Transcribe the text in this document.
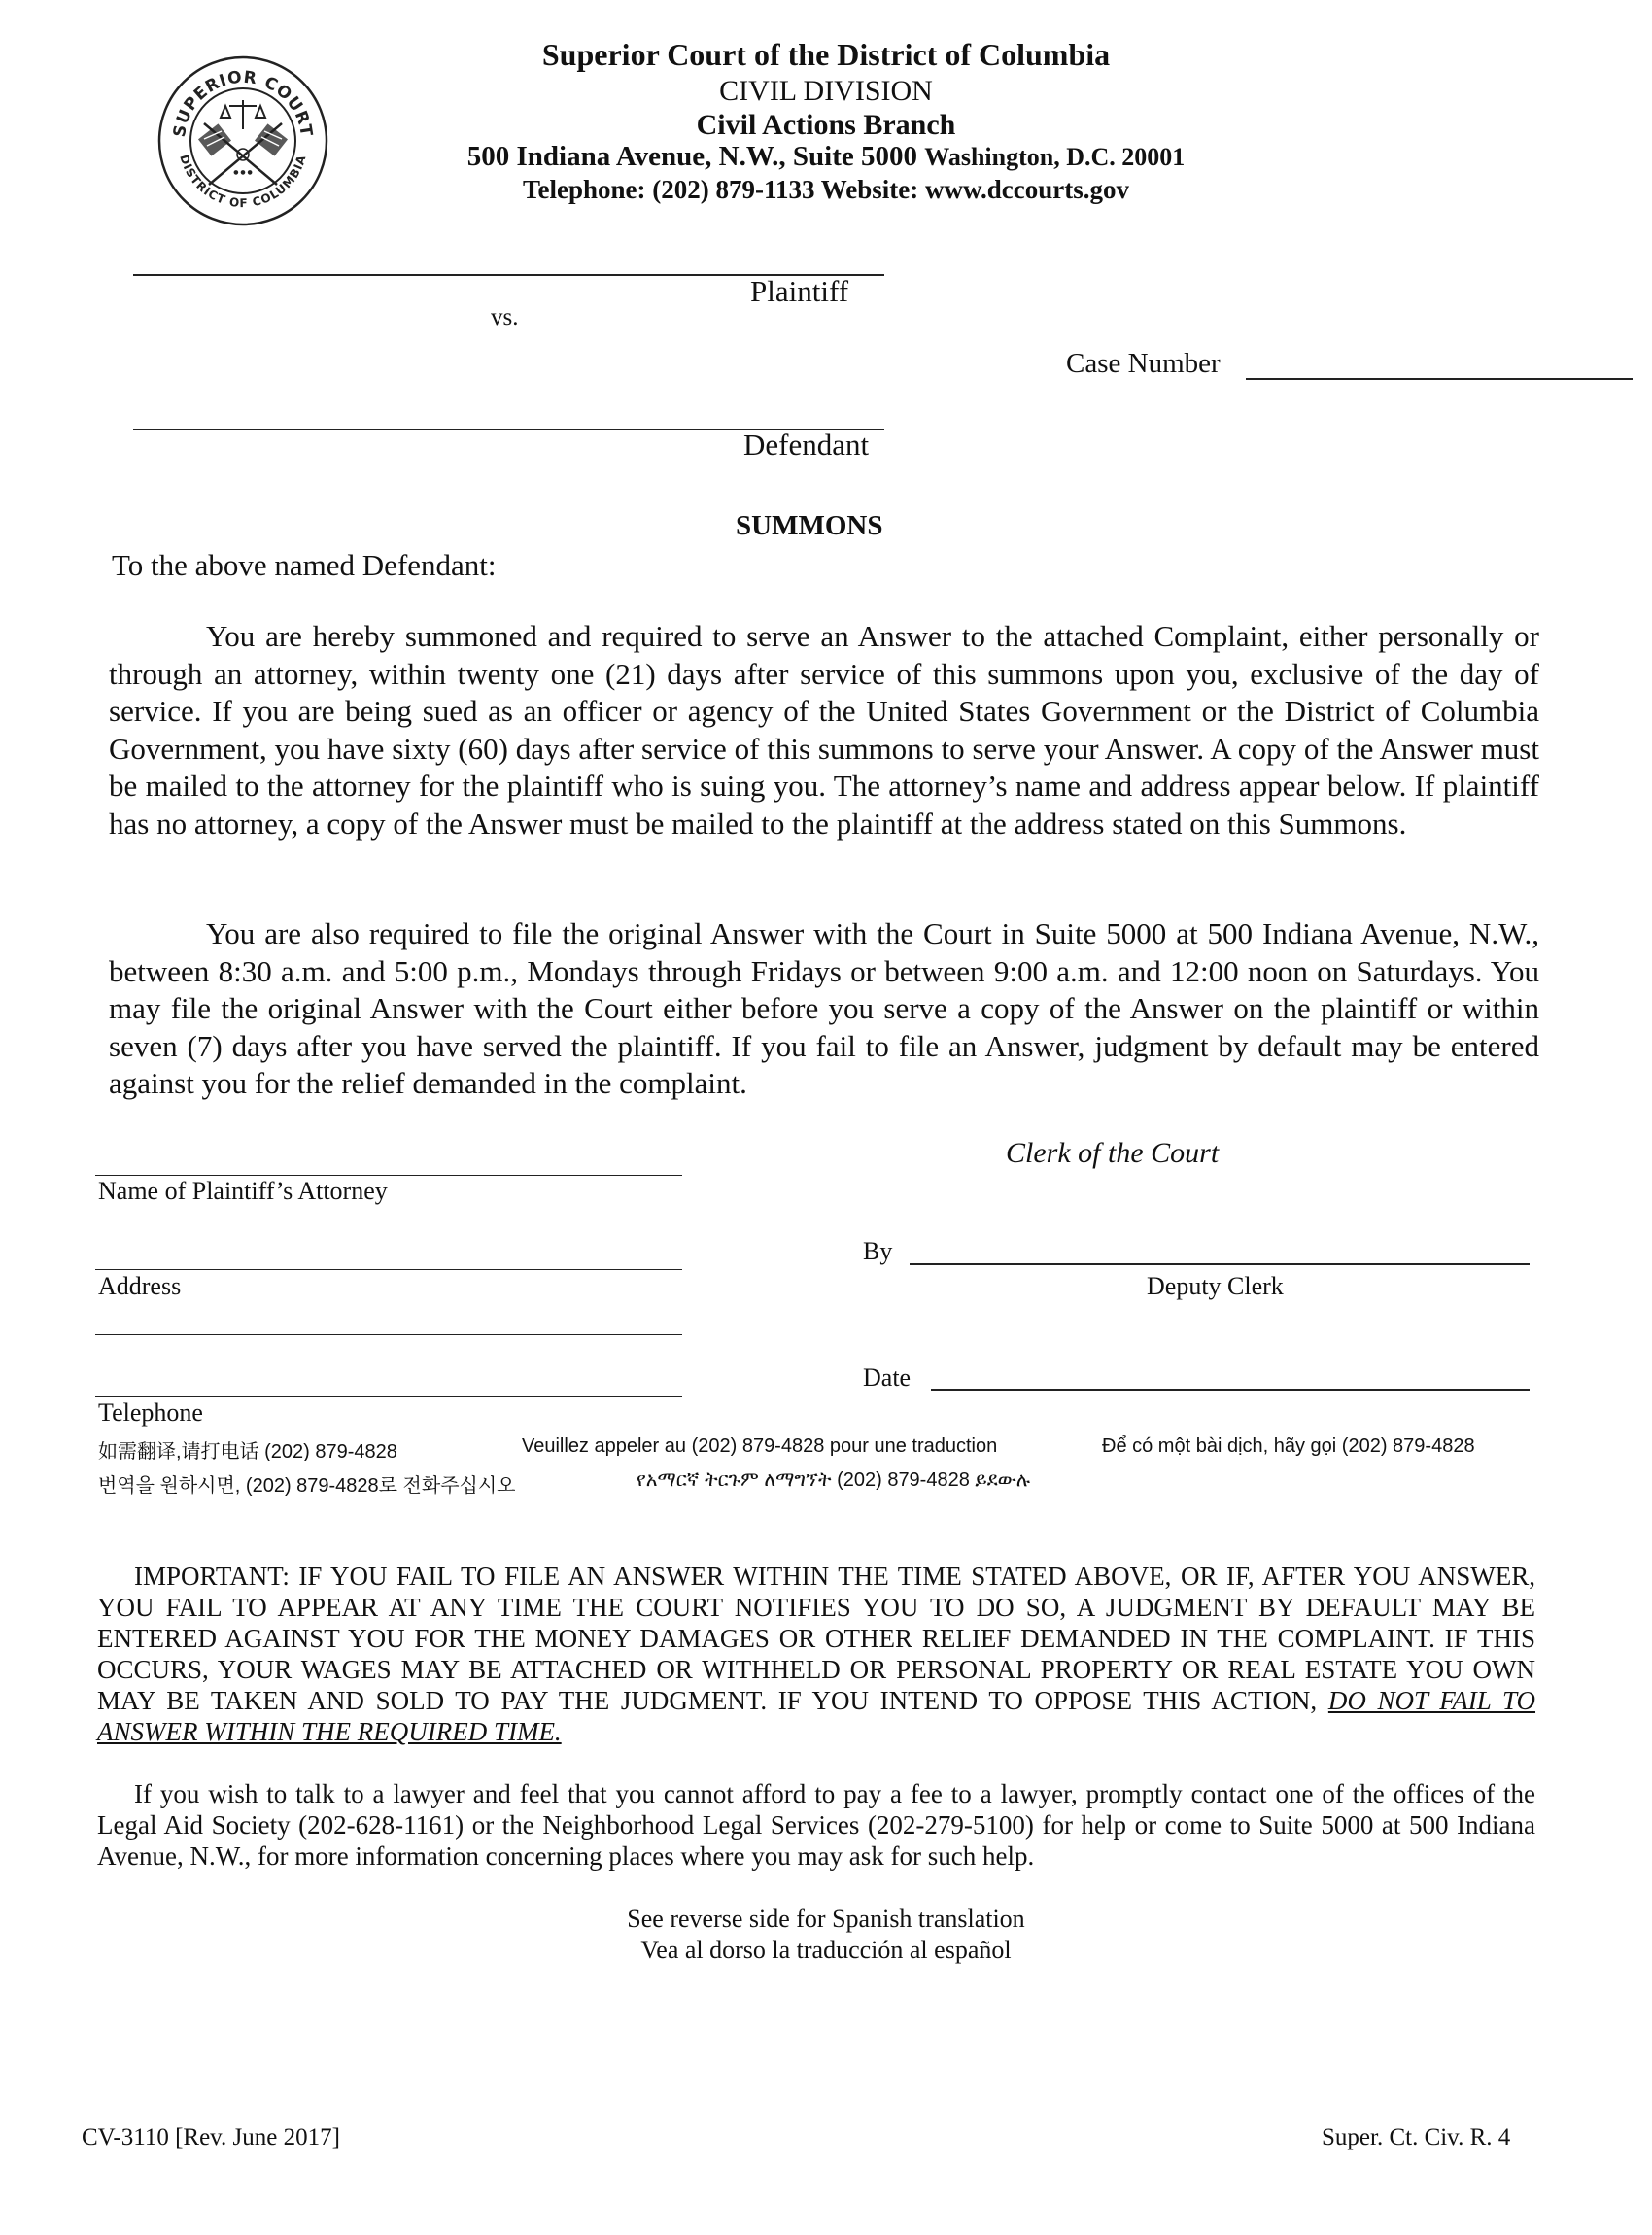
SUPERIOR COURT
DISTRICT OF COLUMBIA
● ● ●
Superior Court of the District of Columbia
CIVIL DIVISION
Civil Actions Branch
500 Indiana Avenue, N.W., Suite 5000 Washington, D.C. 20001
Telephone: (202) 879-1133 Website: www.dccourts.gov
Plaintiff
vs.
Case Number
Defendant
SUMMONS
To the above named Defendant:
You are hereby summoned and required to serve an Answer to the attached Complaint, either personally or through an attorney, within twenty one (21) days after service of this summons upon you, exclusive of the day of service. If you are being sued as an officer or agency of the United States Government or the District of Columbia Government, you have sixty (60) days after service of this summons to serve your Answer. A copy of the Answer must be mailed to the attorney for the plaintiff who is suing you. The attorney’s name and address appear below. If plaintiff has no attorney, a copy of the Answer must be mailed to the plaintiff at the address stated on this Summons.
You are also required to file the original Answer with the Court in Suite 5000 at 500 Indiana Avenue, N.W., between 8:30 a.m. and 5:00 p.m., Mondays through Fridays or between 9:00 a.m. and 12:00 noon on Saturdays. You may file the original Answer with the Court either before you serve a copy of the Answer on the plaintiff or within seven (7) days after you have served the plaintiff. If you fail to file an Answer, judgment by default may be entered against you for the relief demanded in the complaint.
Clerk of the Court
Name of Plaintiff’s Attorney
By
Deputy Clerk
Address
Date
Telephone
如需翻译,请打电话 (202) 879-4828	Veuillez appeler au (202) 879-4828 pour une traduction	Để có một bài dịch, hãy gọi (202) 879-4828
번역을 원하시면, (202) 879-4828로 전화주십시오	የአማርኛ ትርጉም ለማግኘት (202) 879-4828 ይደውሉ
IMPORTANT: IF YOU FAIL TO FILE AN ANSWER WITHIN THE TIME STATED ABOVE, OR IF, AFTER YOU ANSWER, YOU FAIL TO APPEAR AT ANY TIME THE COURT NOTIFIES YOU TO DO SO, A JUDGMENT BY DEFAULT MAY BE ENTERED AGAINST YOU FOR THE MONEY DAMAGES OR OTHER RELIEF DEMANDED IN THE COMPLAINT. IF THIS OCCURS, YOUR WAGES MAY BE ATTACHED OR WITHHELD OR PERSONAL PROPERTY OR REAL ESTATE YOU OWN MAY BE TAKEN AND SOLD TO PAY THE JUDGMENT. IF YOU INTEND TO OPPOSE THIS ACTION, DO NOT FAIL TO ANSWER WITHIN THE REQUIRED TIME.
If you wish to talk to a lawyer and feel that you cannot afford to pay a fee to a lawyer, promptly contact one of the offices of the Legal Aid Society (202-628-1161) or the Neighborhood Legal Services (202-279-5100) for help or come to Suite 5000 at 500 Indiana Avenue, N.W., for more information concerning places where you may ask for such help.
See reverse side for Spanish translation
Vea al dorso la traducción al español
CV-3110 [Rev. June 2017]	Super. Ct. Civ. R. 4
